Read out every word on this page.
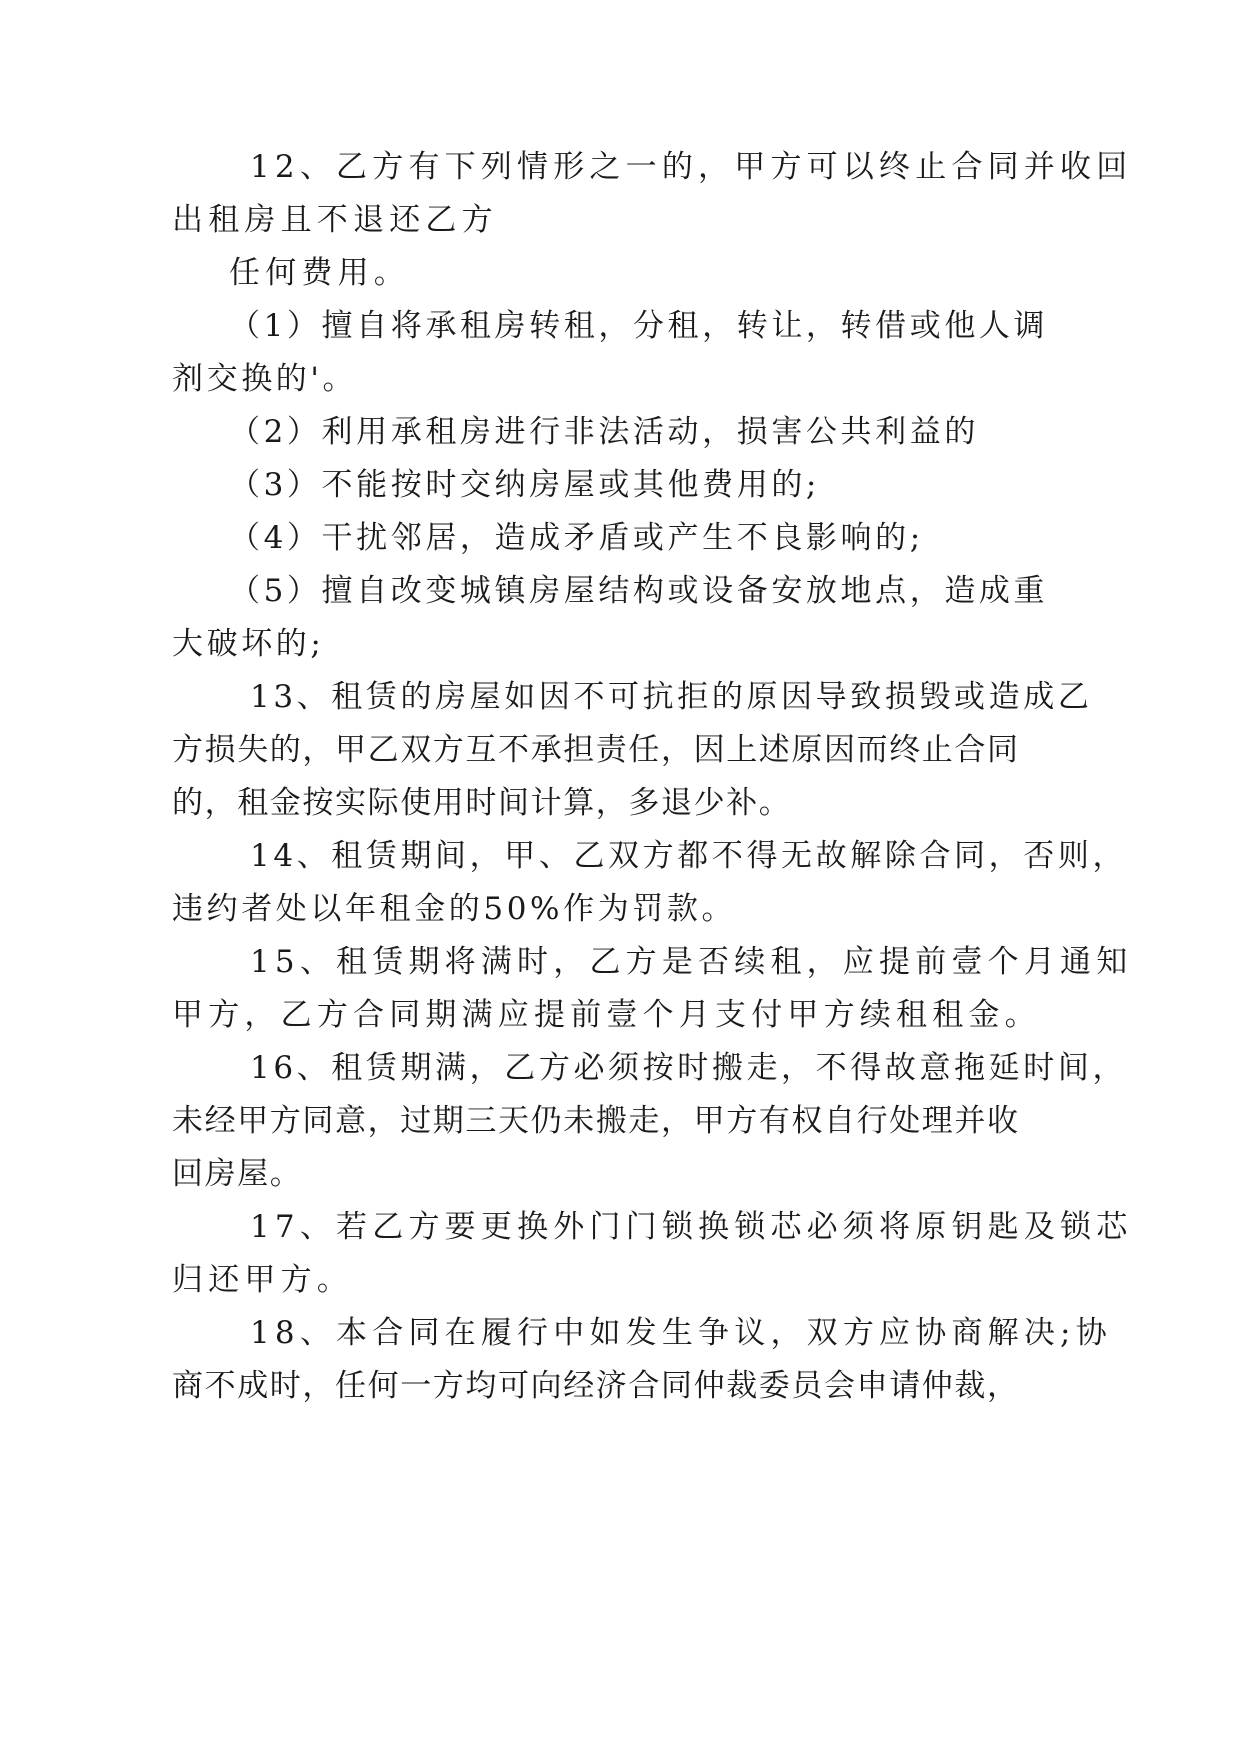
12、乙方有下列情形之一的，甲方可以终止合同并收回
出租房且不退还乙方
任何费用。
（1）擅自将承租房转租，分租，转让，转借或他人调
剂交换的'。
（2）利用承租房进行非法活动，损害公共利益的
（3）不能按时交纳房屋或其他费用的;
（4）干扰邻居，造成矛盾或产生不良影响的;
（5）擅自改变城镇房屋结构或设备安放地点，造成重
大破坏的;
13、租赁的房屋如因不可抗拒的原因导致损毁或造成乙
方损失的，甲乙双方互不承担责任，因上述原因而终止合同
的，租金按实际使用时间计算，多退少补。
14、租赁期间，甲、乙双方都不得无故解除合同，否则，
违约者处以年租金的50%作为罚款。
15、租赁期将满时，乙方是否续租，应提前壹个月通知
甲方，乙方合同期满应提前壹个月支付甲方续租租金。
16、租赁期满，乙方必须按时搬走，不得故意拖延时间，
未经甲方同意，过期三天仍未搬走，甲方有权自行处理并收
回房屋。
17、若乙方要更换外门门锁换锁芯必须将原钥匙及锁芯
归还甲方。
18、本合同在履行中如发生争议，双方应协商解决;协
商不成时，任何一方均可向经济合同仲裁委员会申请仲裁，
